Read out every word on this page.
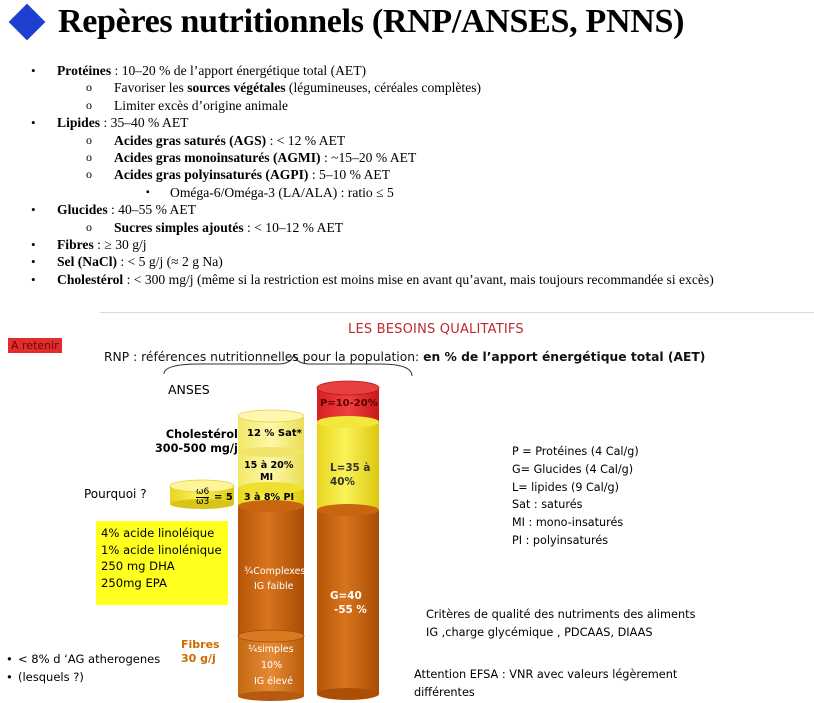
Repères nutritionnels (RNP/ANSES, PNNS)
• Protéines : 10–20 % de l’apport énergétique total (AET)
o Favoriser les sources végétales (légumineuses, céréales complètes)
o Limiter excès d’origine animale
• Lipides : 35–40 % AET
o Acides gras saturés (AGS) : < 12 % AET
o Acides gras monoinsaturés (AGMI) : ~15–20 % AET
o Acides gras polyinsaturés (AGPI) : 5–10 % AET
▪ Oméga-6/Oméga-3 (LA/ALA) : ratio ≤ 5
• Glucides : 40–55 % AET
o Sucres simples ajoutés : < 10–12 % AET
• Fibres : ≥ 30 g/j
• Sel (NaCl) : < 5 g/j (≈ 2 g Na)
• Cholestérol : < 300 mg/j (même si la restriction est moins mise en avant qu’avant, mais toujours recommandée si excès)
12 % Sat*
15 à 20%
MI
3 à 8% PI
¾Complexes
IG faible
¼simples
10%
IG élevé
P=10-20%
L=35 à
40%
G=40
-55 %
$\frac{\omega 6}{\omega 3} = 5$
LES BESOINS QUALITATIFS
A retenir
RNP : références nutritionnelles pour la population: en % de l’apport énergétique total (AET)
ANSES
Cholestérol
300-500 mg/j
Pourquoi ?
4% acide linoléique
1% acide linolénique
250 mg DHA
250mg EPA
Fibres
30 g/j
• < 8% d ‘AG atherogenes
• (lesquels ?)
P = Protéines (4 Cal/g)
G= Glucides (4 Cal/g)
L= lipides (9 Cal/g)
Sat : saturés
MI : mono-insaturés
PI : polyinsaturés
Critères de qualité des nutriments des aliments
IG ,charge glycémique , PDCAAS, DIAAS
Attention EFSA : VNR avec valeurs légèrement
différentes
